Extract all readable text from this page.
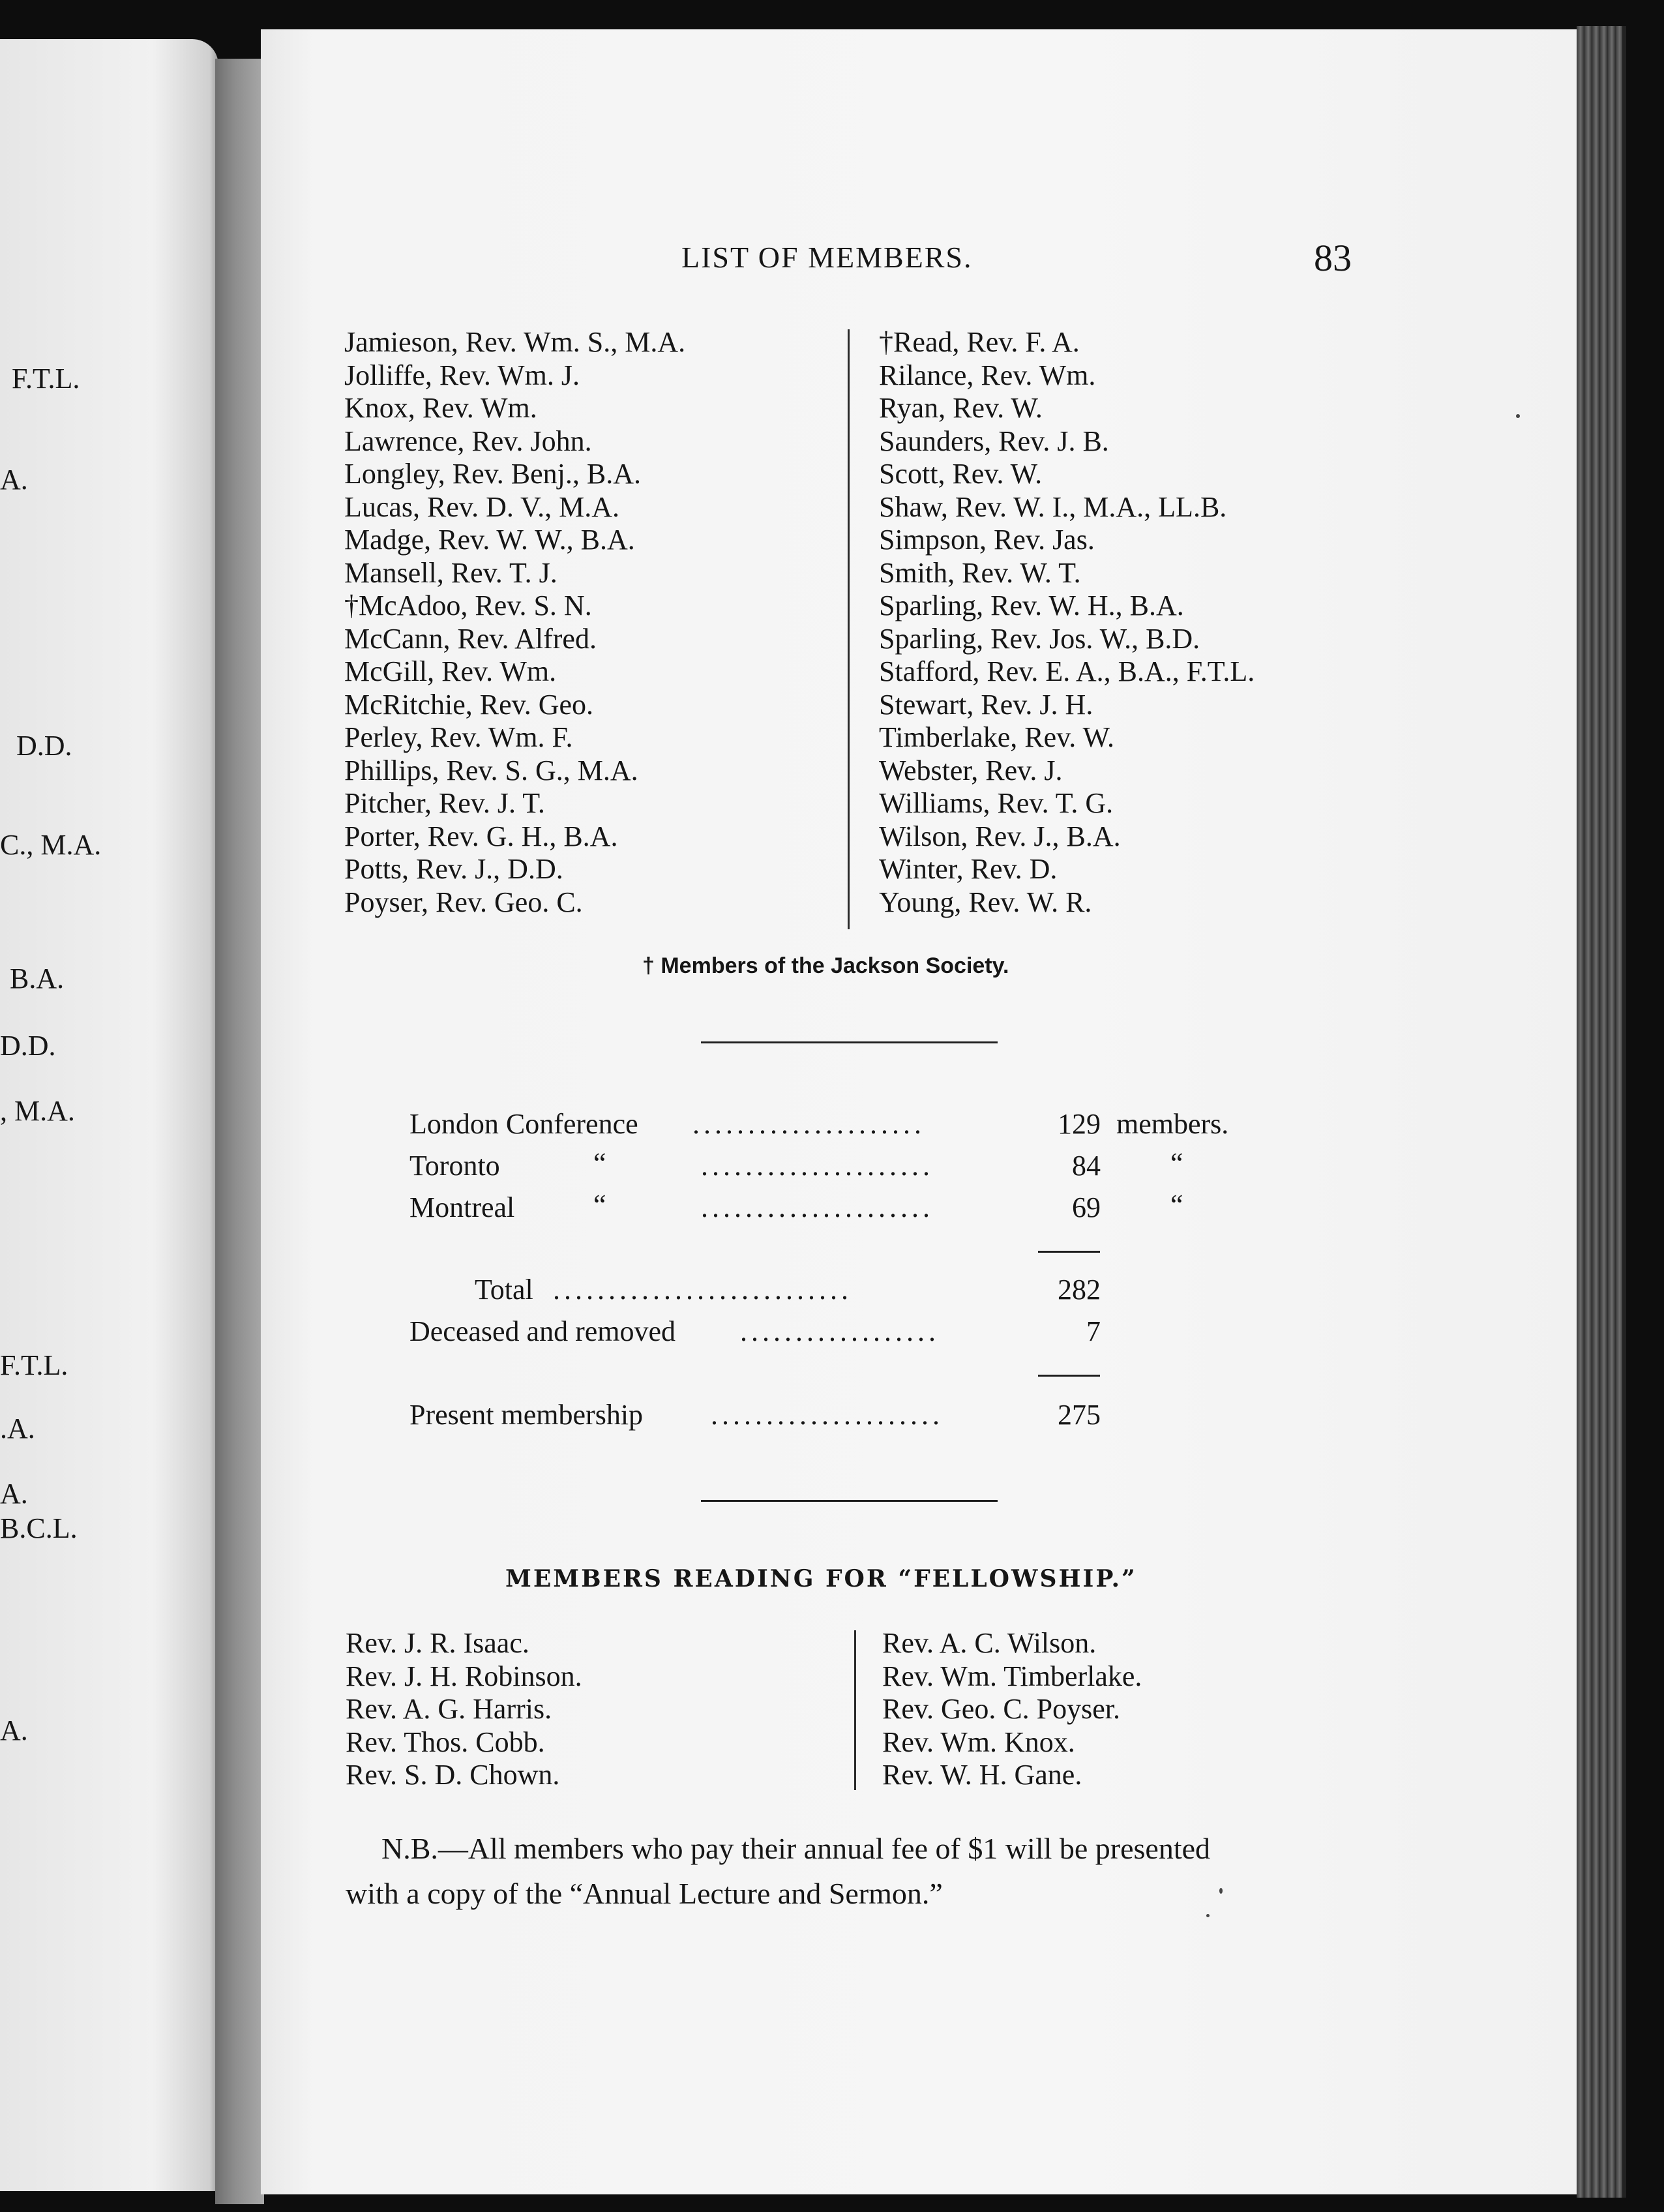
F.T.L.
A.
D.D.
C., M.A.
B.A.
D.D.
, M.A.
F.T.L.
.A.
A.
B.C.L.
A.
LIST OF MEMBERS.	83
Jamieson, Rev. Wm. S., M.A.
Jolliffe, Rev. Wm. J.
Knox, Rev. Wm.
Lawrence, Rev. John.
Longley, Rev. Benj., B.A.
Lucas, Rev. D. V., M.A.
Madge, Rev. W. W., B.A.
Mansell, Rev. T. J.
†McAdoo, Rev. S. N.
McCann, Rev. Alfred.
McGill, Rev. Wm.
McRitchie, Rev. Geo.
Perley, Rev. Wm. F.
Phillips, Rev. S. G., M.A.
Pitcher, Rev. J. T.
Porter, Rev. G. H., B.A.
Potts, Rev. J., D.D.
Poyser, Rev. Geo. C.
†Read, Rev. F. A.
Rilance, Rev. Wm.
Ryan, Rev. W.
Saunders, Rev. J. B.
Scott, Rev. W.
Shaw, Rev. W. I., M.A., LL.B.
Simpson, Rev. Jas.
Smith, Rev. W. T.
Sparling, Rev. W. H., B.A.
Sparling, Rev. Jos. W., B.D.
Stafford, Rev. E. A., B.A., F.T.L.
Stewart, Rev. J. H.
Timberlake, Rev. W.
Webster, Rev. J.
Williams, Rev. T. G.
Wilson, Rev. J., B.A.
Winter, Rev. D.
Young, Rev. W. R.
† Members of the Jackson Society.
London Conference .....................	129 members.
Toronto	“	.....................	84 “
Montreal	“	.....................	69 “
Total ...........................	282
Deceased and removed ..................	7
Present membership .....................	275
MEMBERS READING FOR “FELLOWSHIP.”
Rev. J. R. Isaac.
Rev. J. H. Robinson.
Rev. A. G. Harris.
Rev. Thos. Cobb.
Rev. S. D. Chown.
Rev. A. C. Wilson.
Rev. Wm. Timberlake.
Rev. Geo. C. Poyser.
Rev. Wm. Knox.
Rev. W. H. Gane.
N.B.—All members who pay their annual fee of $1 will be presented
with a copy of the “Annual Lecture and Sermon.”
